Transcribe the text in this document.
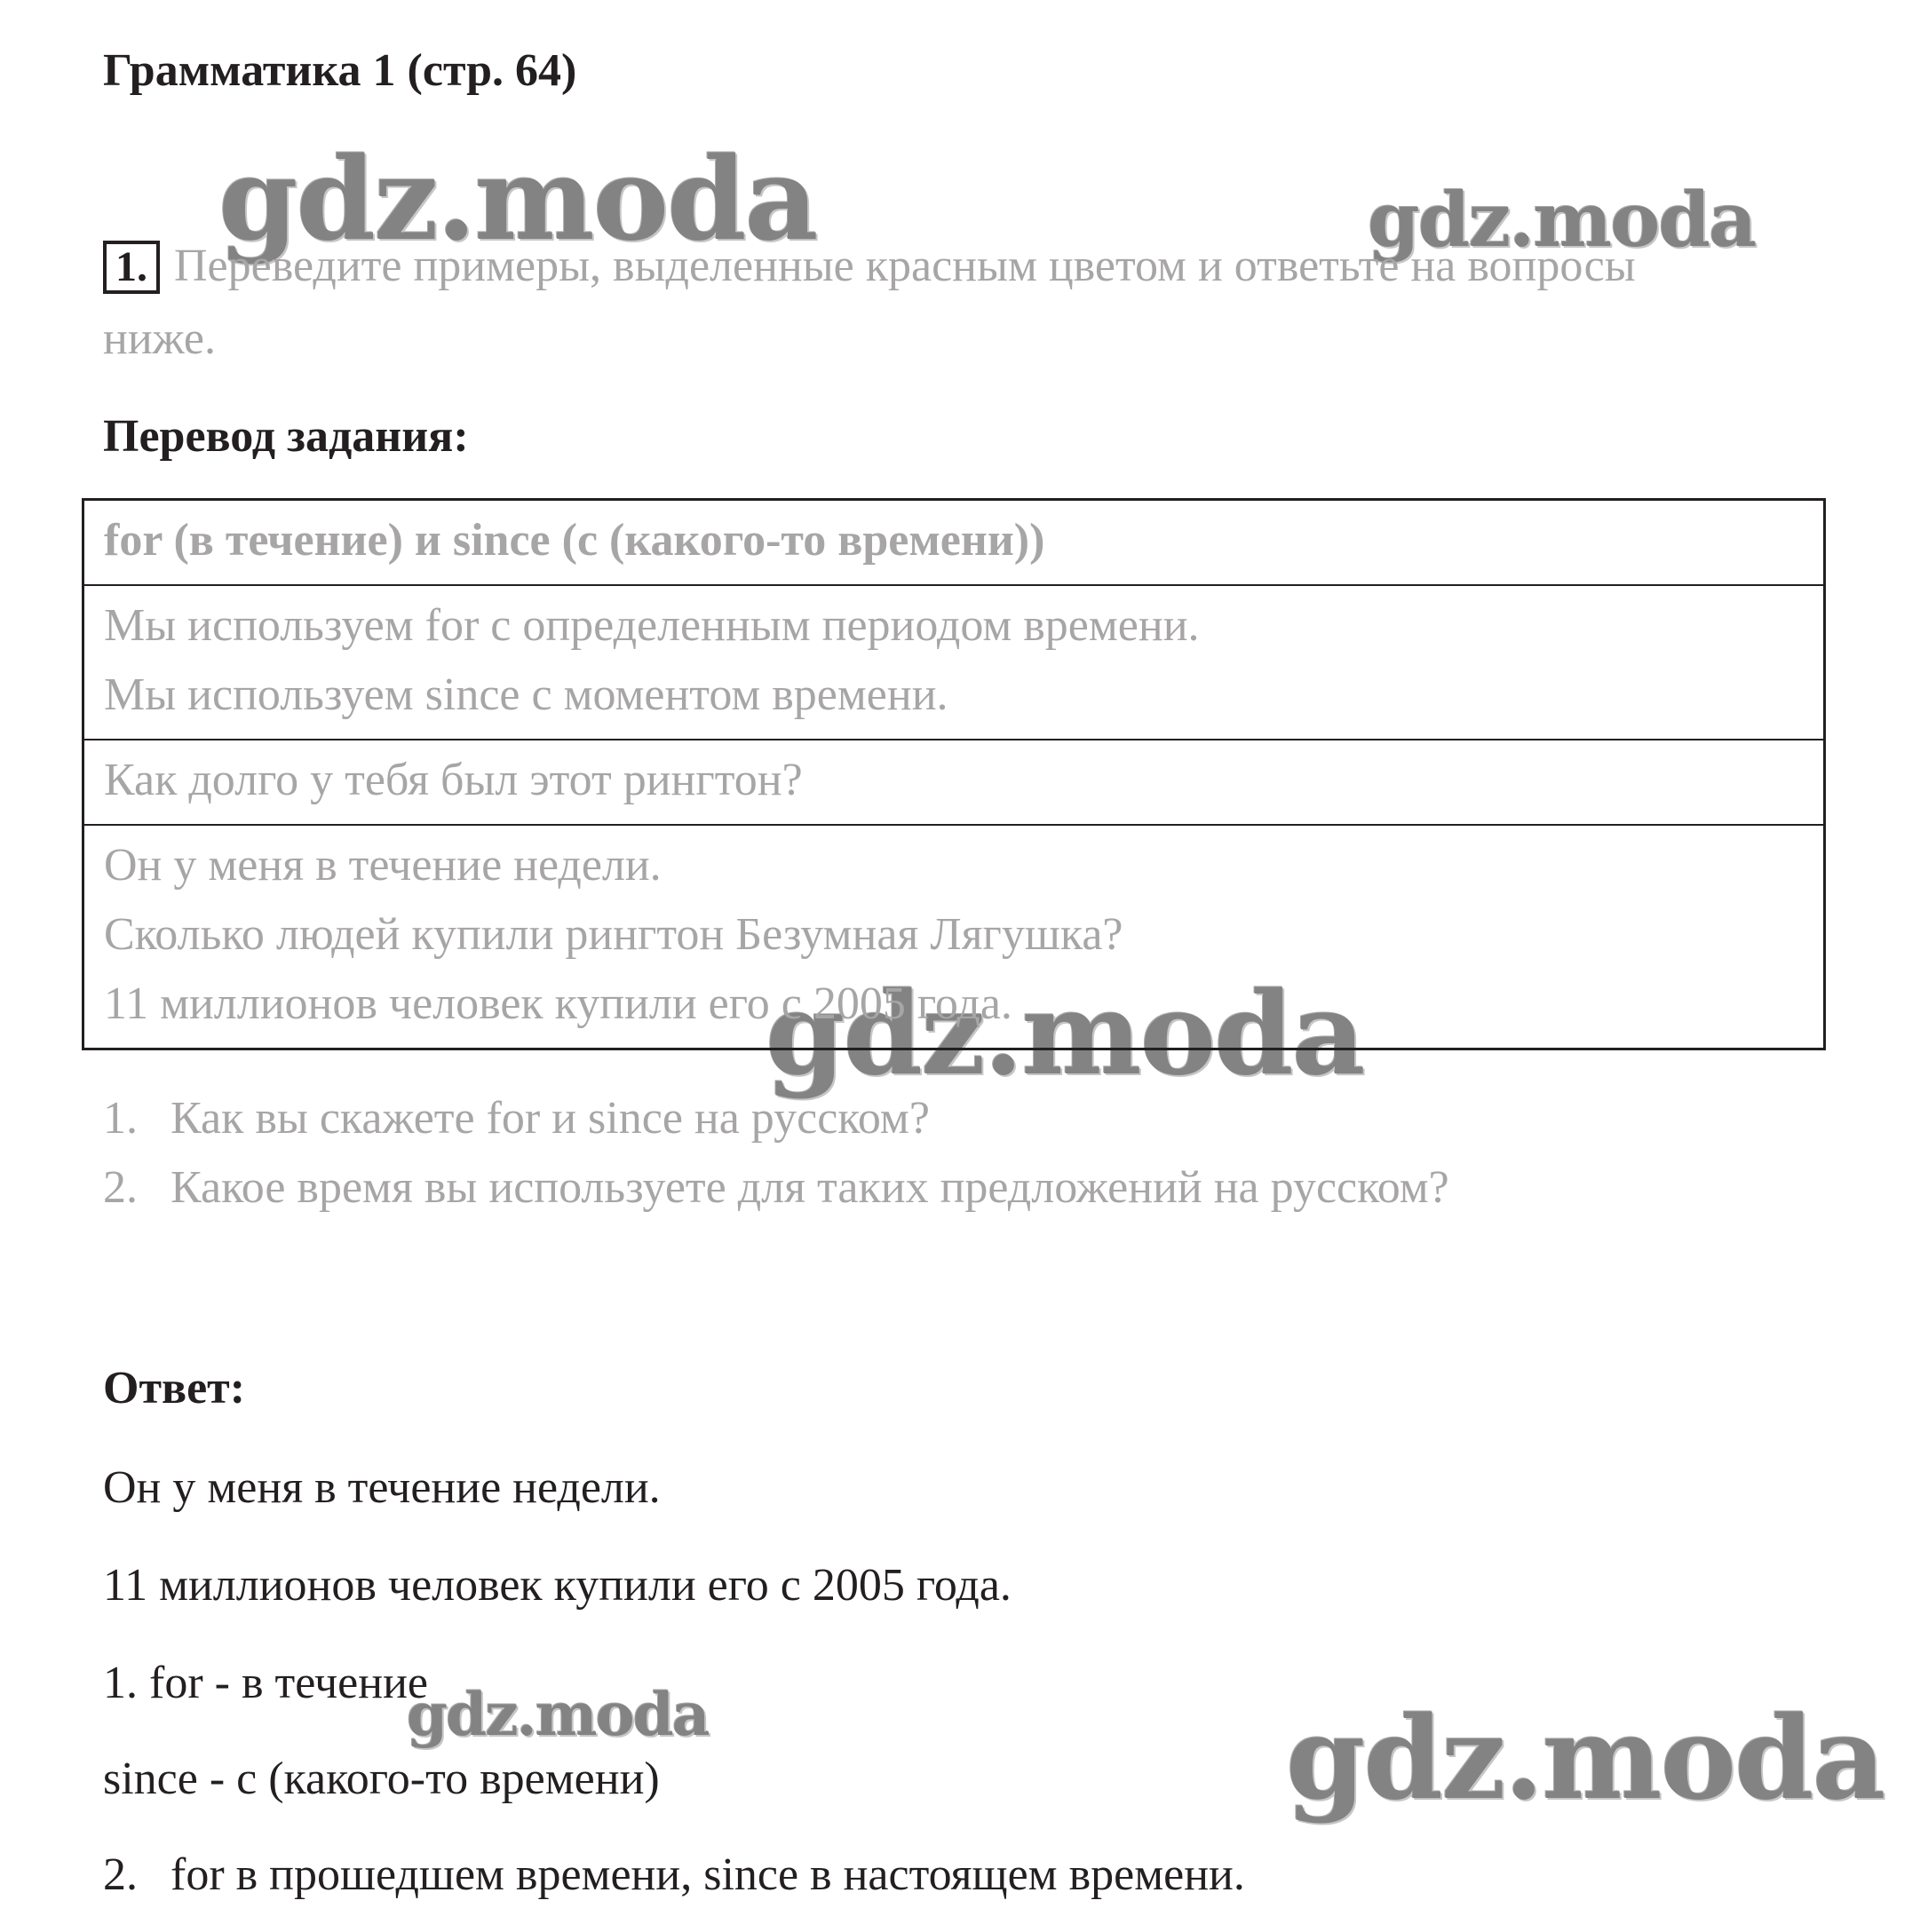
Грамматика 1 (стр. 64)
gdz.moda	gdz.moda
gdz.moda
gdz.moda	gdz.moda
1. Переведите примеры, выделенные красным цветом и ответьте на вопросы
ниже.
Перевод задания:
for (в течение) и since (с (какого-то времени))
Мы используем for с определенным периодом времени.
Мы используем since с моментом времени.
Как долго у тебя был этот рингтон?
Он у меня в течение недели.
Сколько людей купили рингтон Безумная Лягушка?
11 миллионов человек купили его с 2005 года.
1. Как вы скажете for и since на русском?
2. Какое время вы используете для таких предложений на русском?
Ответ:
Он у меня в течение недели.
11 миллионов человек купили его с 2005 года.
1. for - в течение
since - с (какого-то времени)
2. for в прошедшем времени, since в настоящем времени.
